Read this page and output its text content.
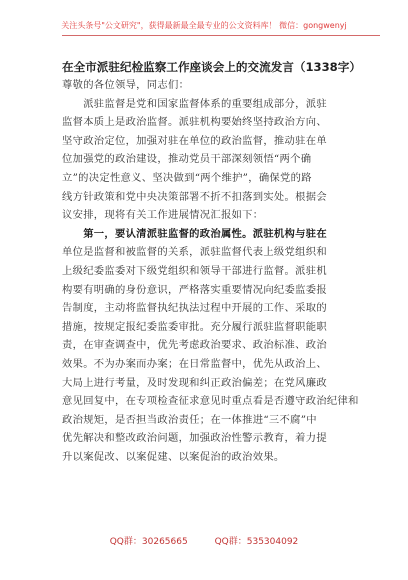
关注头条号"公文研究"，获得最新最全最专业的公文资料库！ 微信：gongwenyj
在全市派驻纪检监察工作座谈会上的交流发言（1338字）
尊敬的各位领导，同志们：
　　派驻监督是党和国家监督体系的重要组成部分，派驻
监督本质上是政治监督。派驻机构要始终坚持政治方向、
坚守政治定位，加强对驻在单位的政治监督，推动驻在单
位加强党的政治建设，推动党员干部深刻领悟“两个确
立”的决定性意义、坚决做到“两个维护”，确保党的路
线方针政策和党中央决策部署不折不扣落到实处。根据会
议安排，现将有关工作进展情况汇报如下：
　　第一，要认清派驻监督的政治属性。派驻机构与驻在
单位是监督和被监督的关系，派驻监督代表上级党组织和
上级纪委监委对下级党组织和领导干部进行监督。派驻机
构要有明确的身份意识，严格落实重要情况向纪委监委报
告制度，主动将监督执纪执法过程中开展的工作、采取的
措施，按规定报纪委监委审批。充分履行派驻监督职能职
责，在审查调查中，优先考虑政治要求、政治标准、政治
效果。不为办案而办案；在日常监督中，优先从政治上、
大局上进行考量，及时发现和纠正政治偏差；在党风廉政
意见回复中，在专项检查征求意见时重点看是否遵守政治纪律和
政治规矩，是否担当政治责任；在一体推进“三不腐”中
优先解决和整改政治问题，加强政治性警示教育，着力提
升以案促改、以案促建、以案促治的政治效果。
QQ群：30265665	QQ群：535304092
